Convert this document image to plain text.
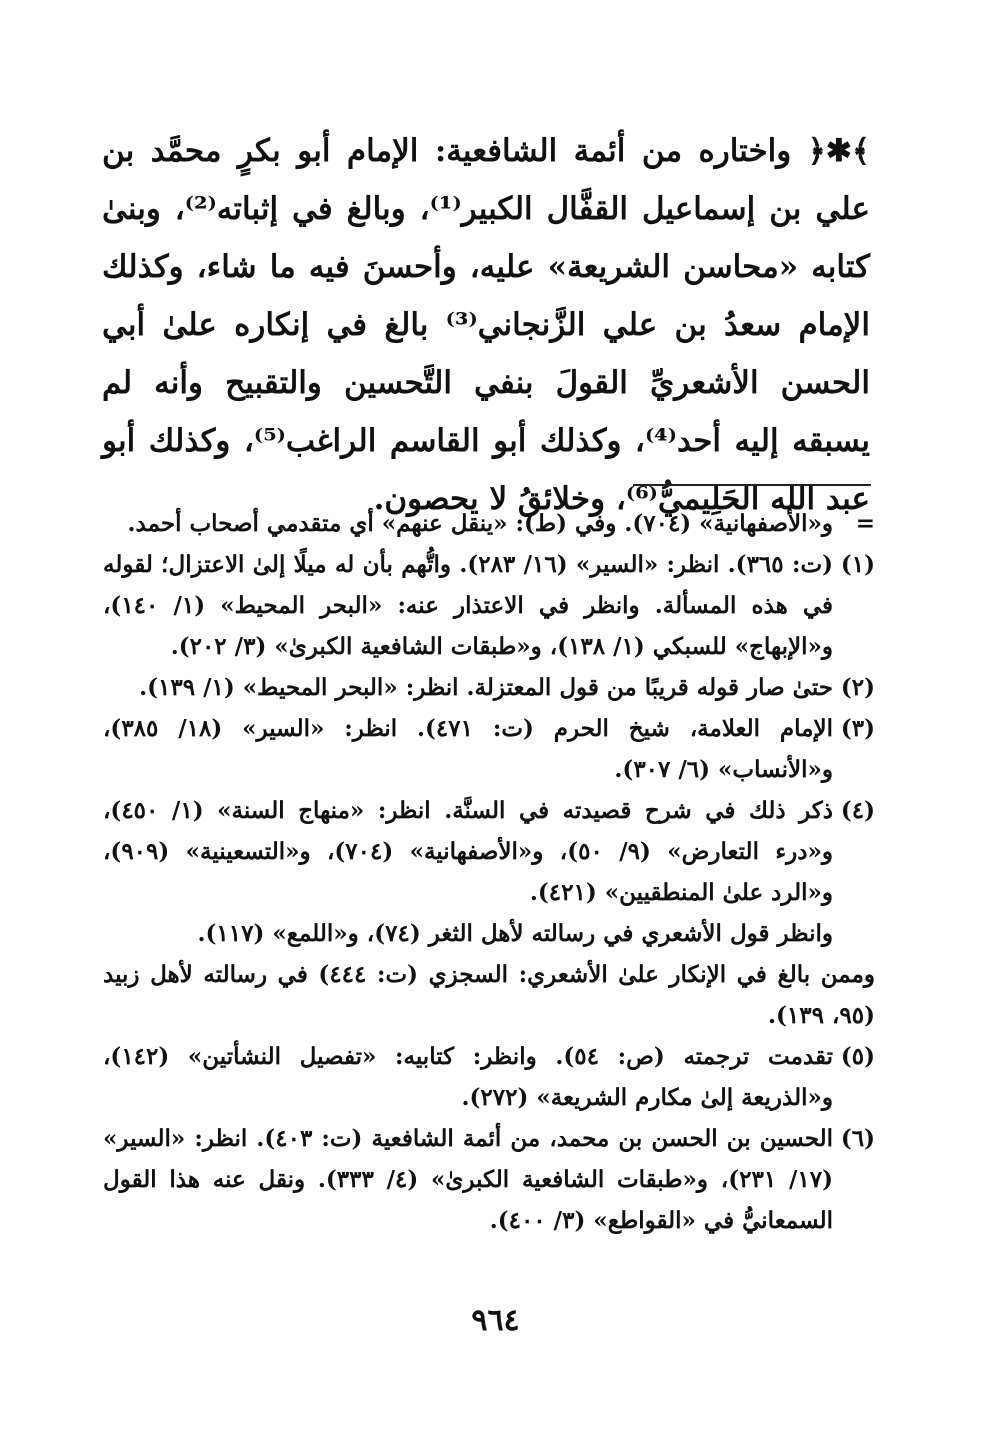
﴾✱﴿ واختاره من أئمة الشافعية: الإمام أبو بكرٍ محمَّد بن علي بن إسماعيل القفَّال الكبير⁽¹⁾، وبالغ في إثباته⁽²⁾، وبنىٰ كتابه «محاسن الشريعة» عليه، وأحسنَ فيه ما شاء، وكذلك الإمام سعدُ بن علي الزَّنجاني⁽³⁾ بالغ في إنكاره علىٰ أبي الحسن الأشعريِّ القولَ بنفي التَّحسين والتقبيح وأنه لم يسبقه إليه أحد⁽⁴⁾، وكذلك أبو القاسم الراغب⁽⁵⁾، وكذلك أبو عبد الله الحَلِيميُّ⁽⁶⁾، وخلائقُ لا يحصون.

=
و«الأصفهانية» (٧٠٤). وفي (ط): «ينقل عنهم» أي متقدمي أصحاب أحمد.
(١)
(ت: ٣٦٥). انظر: «السير» (١٦/ ٢٨٣). واتُّهم بأن له ميلًا إلىٰ الاعتزال؛ لقوله في هذه المسألة. وانظر في الاعتذار عنه: «البحر المحيط» (١/ ١٤٠)، و«الإبهاج» للسبكي (١/ ١٣٨)، و«طبقات الشافعية الكبرىٰ» (٣/ ٢٠٢).
(٢)
حتىٰ صار قوله قريبًا من قول المعتزلة. انظر: «البحر المحيط» (١/ ١٣٩).
(٣)
الإمام العلامة، شيخ الحرم (ت: ٤٧١). انظر: «السير» (١٨/ ٣٨٥)، و«الأنساب» (٦/ ٣٠٧).
(٤)
ذكر ذلك في شرح قصيدته في السنَّة. انظر: «منهاج السنة» (١/ ٤٥٠)، و«درء التعارض» (٩/ ٥٠)، و«الأصفهانية» (٧٠٤)، و«التسعينية» (٩٠٩)، و«الرد علىٰ المنطقيين» (٤٢١).
وانظر قول الأشعري في رسالته لأهل الثغر (٧٤)، و«اللمع» (١١٧).
وممن بالغ في الإنكار علىٰ الأشعري: السجزي (ت: ٤٤٤) في رسالته لأهل زبيد (٩٥، ١٣٩).
(٥)
تقدمت ترجمته (ص: ٥٤). وانظر: كتابيه: «تفصيل النشأتين» (١٤٢)، و«الذريعة إلىٰ مكارم الشريعة» (٢٧٢).
(٦)
الحسين بن الحسن بن محمد، من أئمة الشافعية (ت: ٤٠٣). انظر: «السير» (١٧/ ٢٣١)، و«طبقات الشافعية الكبرىٰ» (٤/ ٣٣٣). ونقل عنه هذا القول السمعانيُّ في «القواطع» (٣/ ٤٠٠).
٩٦٤
